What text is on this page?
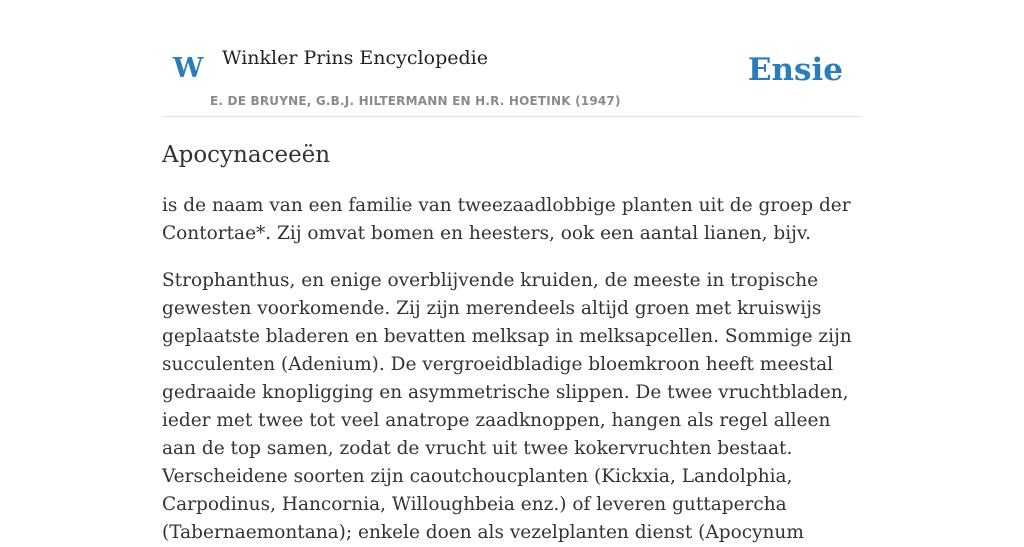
W Winkler Prins Encyclopedie	Ensie
E. DE BRUYNE, G.B.J. HILTERMANN EN H.R. HOETINK (1947)
Apocynaceeën

is de naam van een familie van tweezaadlobbige planten uit de groep der Contortae*. Zij omvat bomen en heesters, ook een aantal lianen, bijv.

Strophanthus, en enige overblijvende kruiden, de meeste in tropische gewesten voorkomende. Zij zijn merendeels altijd groen met kruiswijs geplaatste bladeren en bevatten melksap in melksapcellen. Sommige zijn succulenten (Adenium). De vergroeidbladige bloemkroon heeft meestal gedraaide knopligging en asymmetrische slippen. De twee vruchtbladen, ieder met twee tot veel anatrope zaadknoppen, hangen als regel alleen aan de top samen, zodat de vrucht uit twee kokervruchten bestaat. Verscheidene soorten zijn caoutchoucplanten (Kickxia, Landolphia, Carpodinus, Hancornia, Willoughbeia enz.) of leveren guttapercha (Tabernaemontana); enkele doen als vezelplanten dienst (Apocynum
